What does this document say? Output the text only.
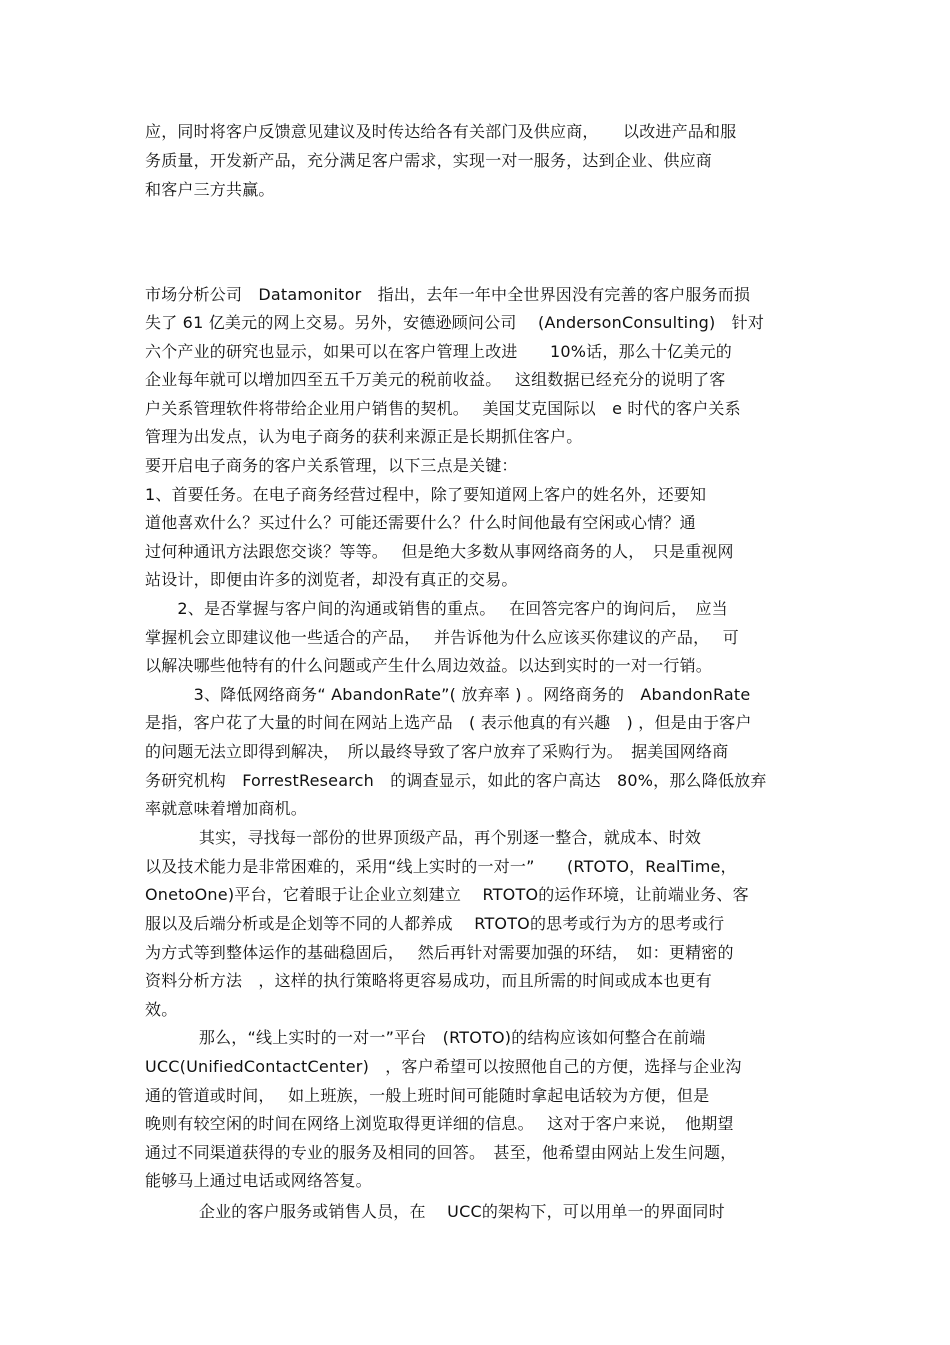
应，同时将客户反馈意见建议及时传达给各有关部门及供应商，　　以改进产品和服
务质量，开发新产品，充分满足客户需求，实现一对一服务，达到企业、供应商
和客户三方共赢。
市场分析公司　Datamonitor　指出，去年一年中全世界因没有完善的客户服务而损
失了 61 亿美元的网上交易。另外，安德逊顾问公司　 (AndersonConsulting)　针对
六个产业的研究也显示，如果可以在客户管理上改进　　10%话，那么十亿美元的
企业每年就可以增加四至五千万美元的税前收益。　 这组数据已经充分的说明了客
户关系管理软件将带给企业用户销售的契机。　 美国艾克国际以　e 时代的客户关系
管理为出发点，认为电子商务的获利来源正是长期抓住客户。
要开启电子商务的客户关系管理，以下三点是关键：
1、首要任务。在电子商务经营过程中，除了要知道网上客户的姓名外，还要知
道他喜欢什么？买过什么？可能还需要什么？什么时间他最有空闲或心情？通
过何种通讯方法跟您交谈？等等。　 但是绝大多数从事网络商务的人，　只是重视网
站设计，即便由许多的浏览者，却没有真正的交易。
　　2、是否掌握与客户间的沟通或销售的重点。　 在回答完客户的询问后，　应当
掌握机会立即建议他一些适合的产品，　 并告诉他为什么应该买你建议的产品，　 可
以解决哪些他特有的什么问题或产生什么周边效益。以达到实时的一对一行销。
　　　3、降低网络商务“ AbandonRate”( 放弃率 ) 。网络商务的　AbandonRate
是指，客户花了大量的时间在网站上选产品　( 表示他真的有兴趣　) ，但是由于客户
的问题无法立即得到解决，　所以最终导致了客户放弃了采购行为。　据美国网络商
务研究机构　ForrestResearch　的调查显示，如此的客户高达　80%，那么降低放弃
率就意味着增加商机。
　　　 其实，寻找每一部份的世界顶级产品，再个别逐一整合，就成本、时效
以及技术能力是非常困难的，采用“线上实时的一对一”　　(RTOTO，RealTime，
OnetoOne)平台，它着眼于让企业立刻建立　 RTOTO的运作环境，让前端业务、客
服以及后端分析或是企划等不同的人都养成　 RTOTO的思考或行为方的思考或行
为方式等到整体运作的基础稳固后，　 然后再针对需要加强的环结，　如：更精密的
资料分析方法　，这样的执行策略将更容易成功，而且所需的时间或成本也更有
效。
　　　 那么，“线上实时的一对一”平台　(RTOTO)的结构应该如何整合在前端
UCC(UnifiedContactCenter)　，客户希望可以按照他自己的方便，选择与企业沟
通的管道或时间，　 如上班族，一般上班时间可能随时拿起电话较为方便，但是
晚则有较空闲的时间在网络上浏览取得更详细的信息。　 这对于客户来说，　他期望
通过不同渠道获得的专业的服务及相同的回答。　甚至，他希望由网站上发生问题，
能够马上通过电话或网络答复。
　　　 企业的客户服务或销售人员，在　 UCC的架构下，可以用单一的界面同时
